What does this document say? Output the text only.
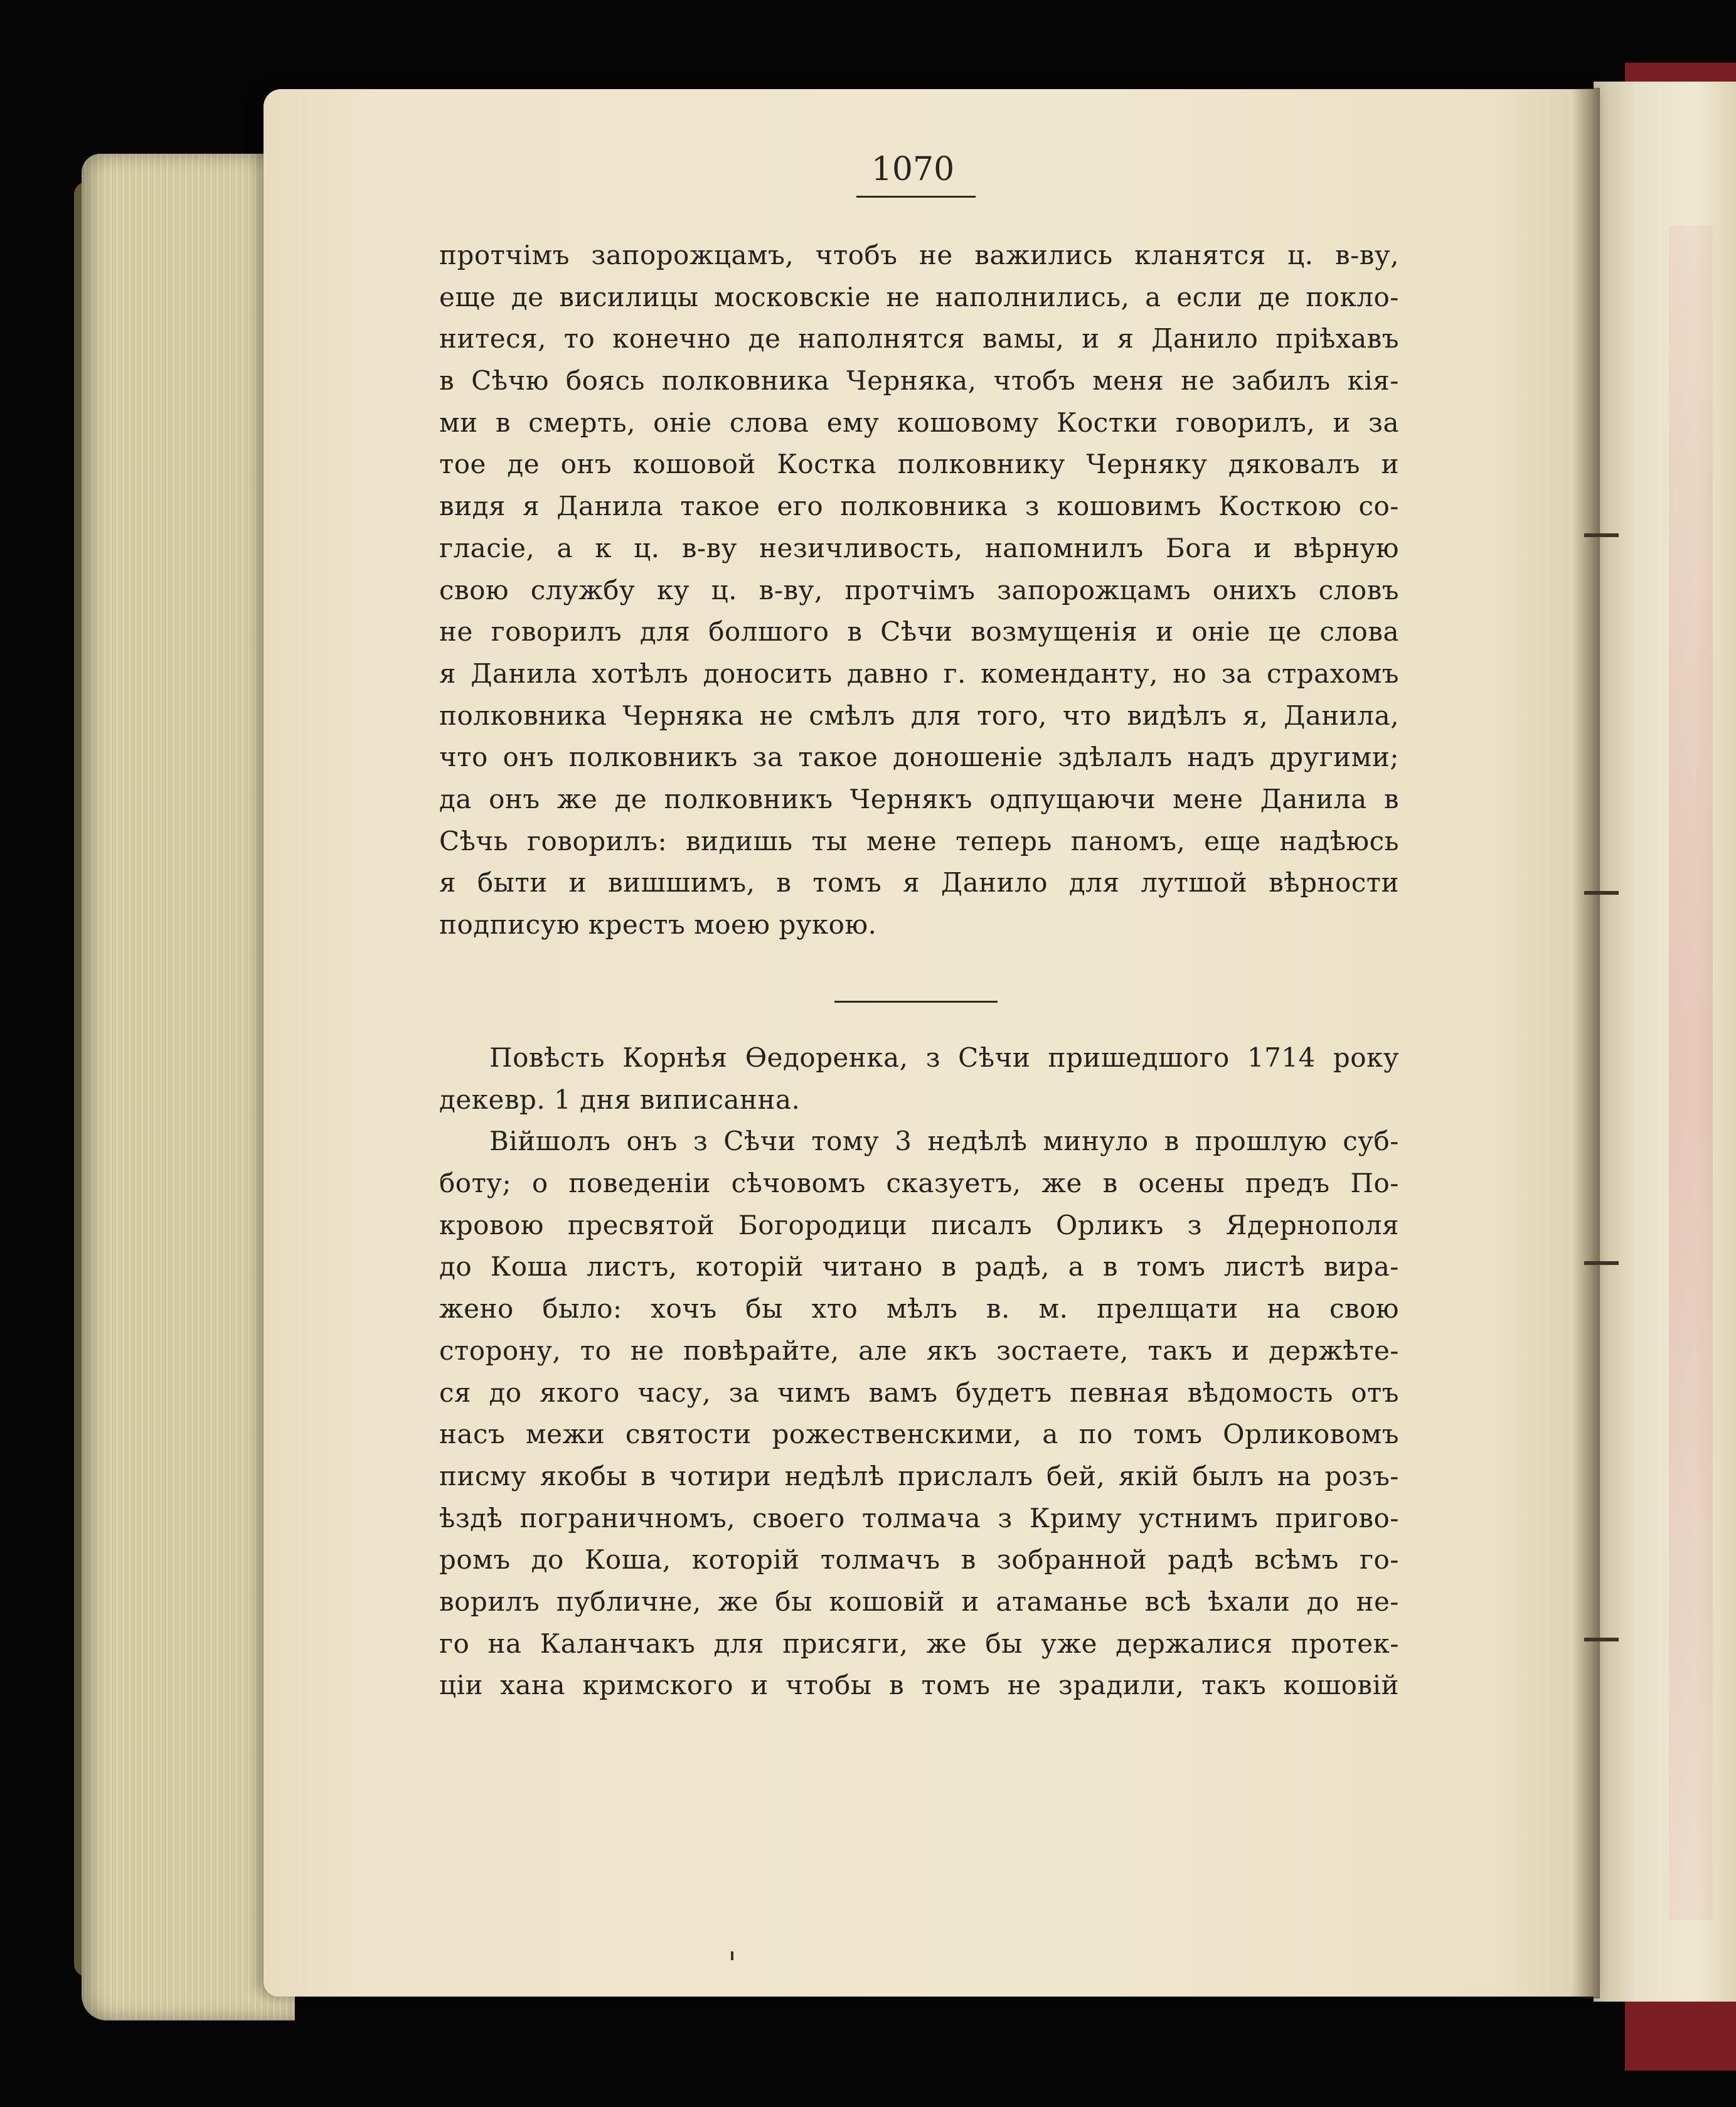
1070
протчімъ запорожцамъ, чтобъ не важились кланятся ц. в-ву,
еще де висилицы московскіе не наполнились, а если де покло-
нитеся, то конечно де наполнятся вамы, и я Данило пріѣхавъ
в Сѣчю боясь полковника Черняка, чтобъ меня не забилъ кія-
ми в смерть, оніе слова ему кошовому Костки говорилъ, и за
тое де онъ кошовой Костка полковнику Черняку дяковалъ и
видя я Данила такое его полковника з кошовимъ Косткою со-
гласіе, а к ц. в-ву незичливость, напомнилъ Бога и вѣрную
свою службу ку ц. в-ву, протчімъ запорожцамъ онихъ словъ
не говорилъ для болшого в Сѣчи возмущенія и оніе це слова
я Данила хотѣлъ доносить давно г. коменданту, но за страхомъ
полковника Черняка не смѣлъ для того, что видѣлъ я, Данила,
что онъ полковникъ за такое доношеніе здѣлалъ надъ другими;
да онъ же де полковникъ Чернякъ одпущаючи мене Данила в
Сѣчь говорилъ: видишь ты мене теперь паномъ, еще надѣюсь
я быти и вишшимъ, в томъ я Данило для лутшой вѣрности
подписую крестъ моею рукою.
Повѣсть Корнѣя Өедоренка, з Сѣчи пришедшого 1714 року
декевр. 1 дня виписанна.
Війшолъ онъ з Сѣчи тому 3 недѣлѣ минуло в прошлую суб-
боту; о поведеніи сѣчовомъ сказуетъ, же в осены предъ По-
кровою пресвятой Богородици писалъ Орликъ з Ядернополя
до Коша листъ, которій читано в радѣ, а в томъ листѣ вира-
жено было: хочъ бы хто мѣлъ в. м. прелщати на свою
сторону, то не повѣрайте, але якъ зостаете, такъ и держѣте-
ся до якого часу, за чимъ вамъ будетъ певная вѣдомость отъ
насъ межи святости рожественскими, а по томъ Орликовомъ
писму якобы в чотири недѣлѣ прислалъ бей, якій былъ на розъ-
ѣздѣ пограничномъ, своего толмача з Криму устнимъ пригово-
ромъ до Коша, которій толмачъ в зобранной радѣ всѣмъ го-
ворилъ публичне, же бы кошовій и атаманье всѣ ѣхали до не-
го на Каланчакъ для присяги, же бы уже держалися протек-
ціи хана кримского и чтобы в томъ не зрадили, такъ кошовій
